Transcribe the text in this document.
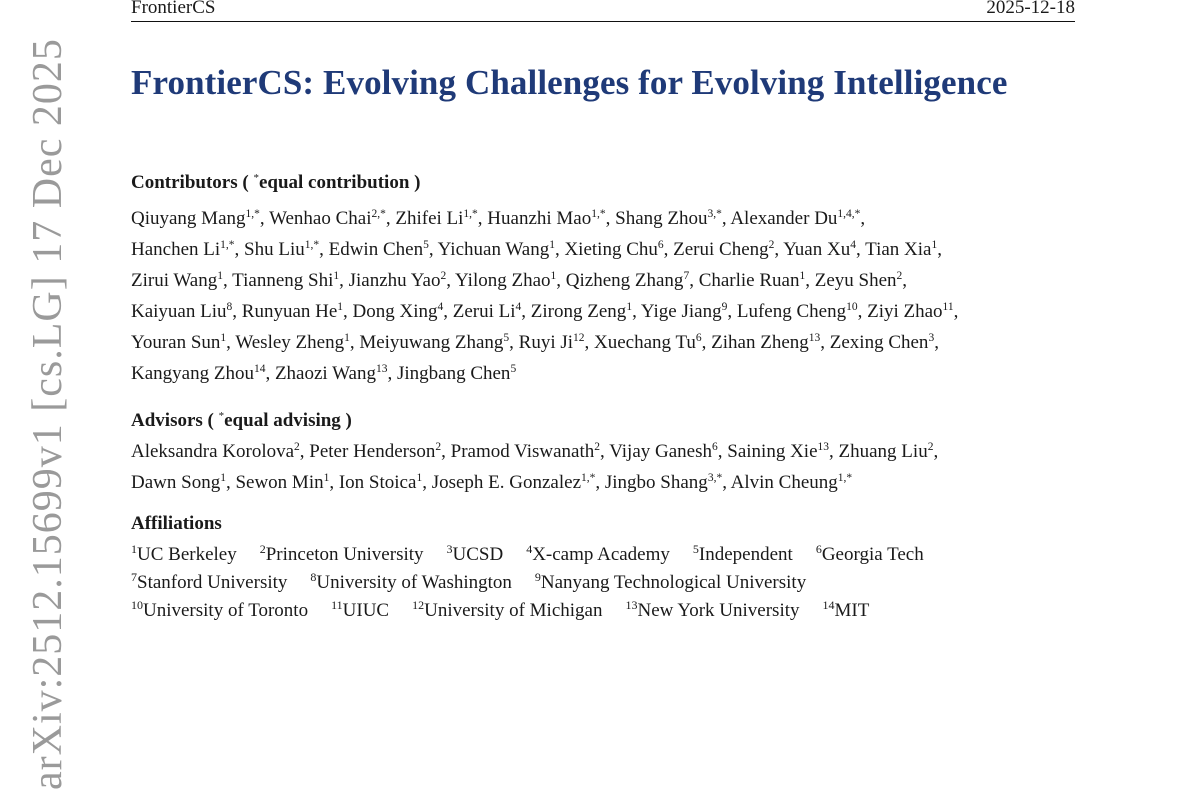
arXiv:2512.15699v1 [cs.LG] 17 Dec 2025
FrontierCS	2025-12-18
FrontierCS: Evolving Challenges for Evolving Intelligence
Contributors ( *equal contribution )
Qiuyang Mang$^{1,*}$, Wenhao Chai$^{2,*}$, Zhifei Li$^{1,*}$, Huanzhi Mao$^{1,*}$, Shang Zhou$^{3,*}$, Alexander Du$^{1,4,*}$,
Hanchen Li$^{1,*}$, Shu Liu$^{1,*}$, Edwin Chen$^5$, Yichuan Wang$^1$, Xieting Chu$^6$, Zerui Cheng$^2$, Yuan Xu$^4$, Tian Xia$^1$,
Zirui Wang$^1$, Tianneng Shi$^1$, Jianzhu Yao$^2$, Yilong Zhao$^1$, Qizheng Zhang$^7$, Charlie Ruan$^1$, Zeyu Shen$^2$,
Kaiyuan Liu$^8$, Runyuan He$^1$, Dong Xing$^4$, Zerui Li$^4$, Zirong Zeng$^1$, Yige Jiang$^9$, Lufeng Cheng$^{10}$, Ziyi Zhao$^{11}$,
Youran Sun$^1$, Wesley Zheng$^1$, Meiyuwang Zhang$^5$, Ruyi Ji$^{12}$, Xuechang Tu$^6$, Zihan Zheng$^{13}$, Zexing Chen$^3$,
Kangyang Zhou$^{14}$, Zhaozi Wang$^{13}$, Jingbang Chen$^5$
Advisors ( *equal advising )
Aleksandra Korolova$^2$, Peter Henderson$^2$, Pramod Viswanath$^2$, Vijay Ganesh$^6$, Saining Xie$^{13}$, Zhuang Liu$^2$,
Dawn Song$^1$, Sewon Min$^1$, Ion Stoica$^1$, Joseph E. Gonzalez$^{1,*}$, Jingbo Shang$^{3,*}$, Alvin Cheung$^{1,*}$
Affiliations
$^1$UC Berkeley $^2$Princeton University $^3$UCSD $^4$X-camp Academy $^5$Independent $^6$Georgia Tech
$^7$Stanford University $^8$University of Washington $^9$Nanyang Technological University
$^{10}$University of Toronto $^{11}$UIUC $^{12}$University of Michigan $^{13}$New York University $^{14}$MIT
